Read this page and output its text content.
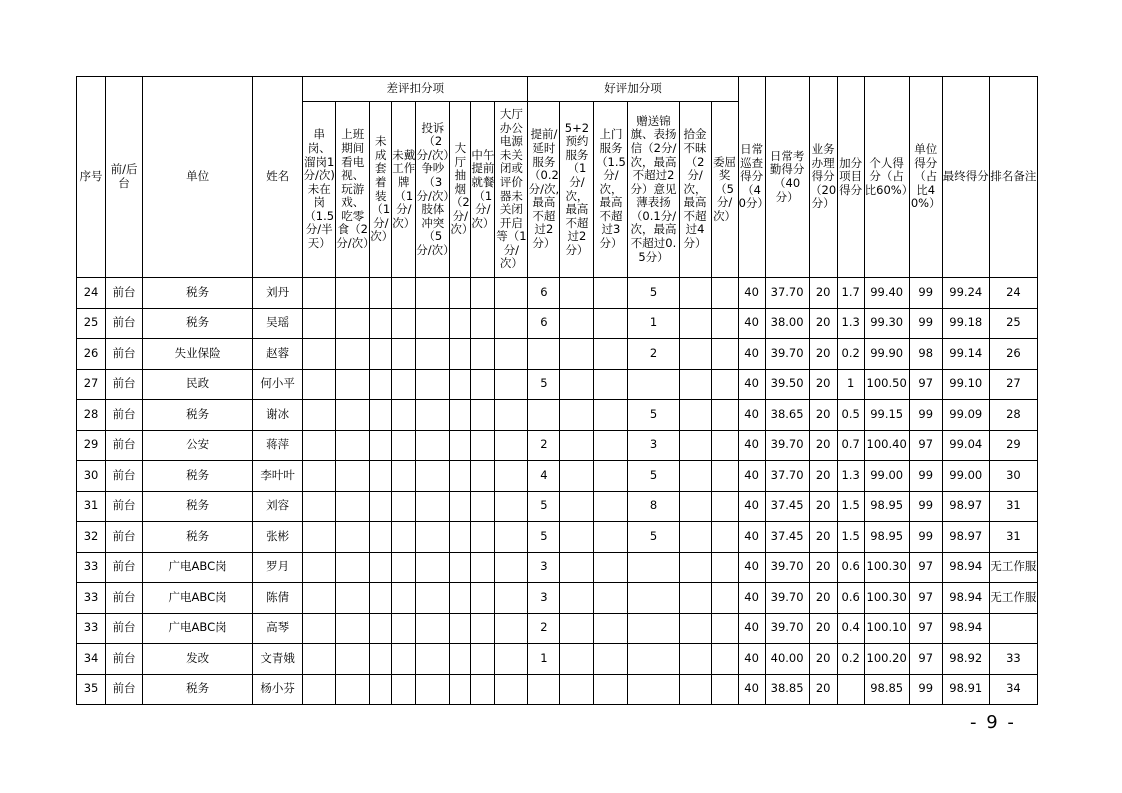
序号	前/后台	单位	姓名	差评扣分项								好评加分项						日常巡查得分（40分）	日常考勤得分（40分）	业务办理得分（20分）	加分项目得分	个人得分（占比60%）	单位得分（占比40%）	最终得分	排名备注
				串岗、溜岗1分/次)未在岗（1.5分/半天）	上班期间看电视、玩游戏、吃零食（2分/次）	未成套着装（1分/次）	未戴工作牌（1分/次）	投诉（2分/次）争吵（3分/次）肢体冲突（5分/次）	大厅抽烟（2分/次）	中午提前就餐（1分/次）	大厅办公电源未关闭或评价器未关闭开启等（1分/次）	提前/延时服务（0.2分/次,最高不超过2分）	5+2预约服务（1分/次，最高不超过2分）	上门服务（1.5分/次，最高不超过3分）	赠送锦旗、表扬信（2分/次，最高不超过2分）意见薄表扬（0.1分/次，最高不超过0.5分）	拾金不昧（2分/次，最高不超过4分）	委屈奖（5分/次）								
24	前台	税务	刘丹									6			5			40	37.70	20	1.7	99.40	99	99.24	24
25	前台	税务	吴瑶									6			1			40	38.00	20	1.3	99.30	99	99.18	25
26	前台	失业保险	赵蓉												2			40	39.70	20	0.2	99.90	98	99.14	26
27	前台	民政	何小平									5						40	39.50	20	1	100.50	97	99.10	27
28	前台	税务	谢冰												5			40	38.65	20	0.5	99.15	99	99.09	28
29	前台	公安	蒋萍									2			3			40	39.70	20	0.7	100.40	97	99.04	29
30	前台	税务	李叶叶									4			5			40	37.70	20	1.3	99.00	99	99.00	30
31	前台	税务	刘容									5			8			40	37.45	20	1.5	98.95	99	98.97	31
32	前台	税务	张彬									5			5			40	37.45	20	1.5	98.95	99	98.97	31
33	前台	广电ABC岗	罗月									3						40	39.70	20	0.6	100.30	97	98.94	无工作服
33	前台	广电ABC岗	陈倩									3						40	39.70	20	0.6	100.30	97	98.94	无工作服
33	前台	广电ABC岗	高琴									2						40	39.70	20	0.4	100.10	97	98.94	
34	前台	发改	文青娥									1						40	40.00	20	0.2	100.20	97	98.92	33
35	前台	税务	杨小芬															40	38.85	20		98.85	99	98.91	34
- 9 -
